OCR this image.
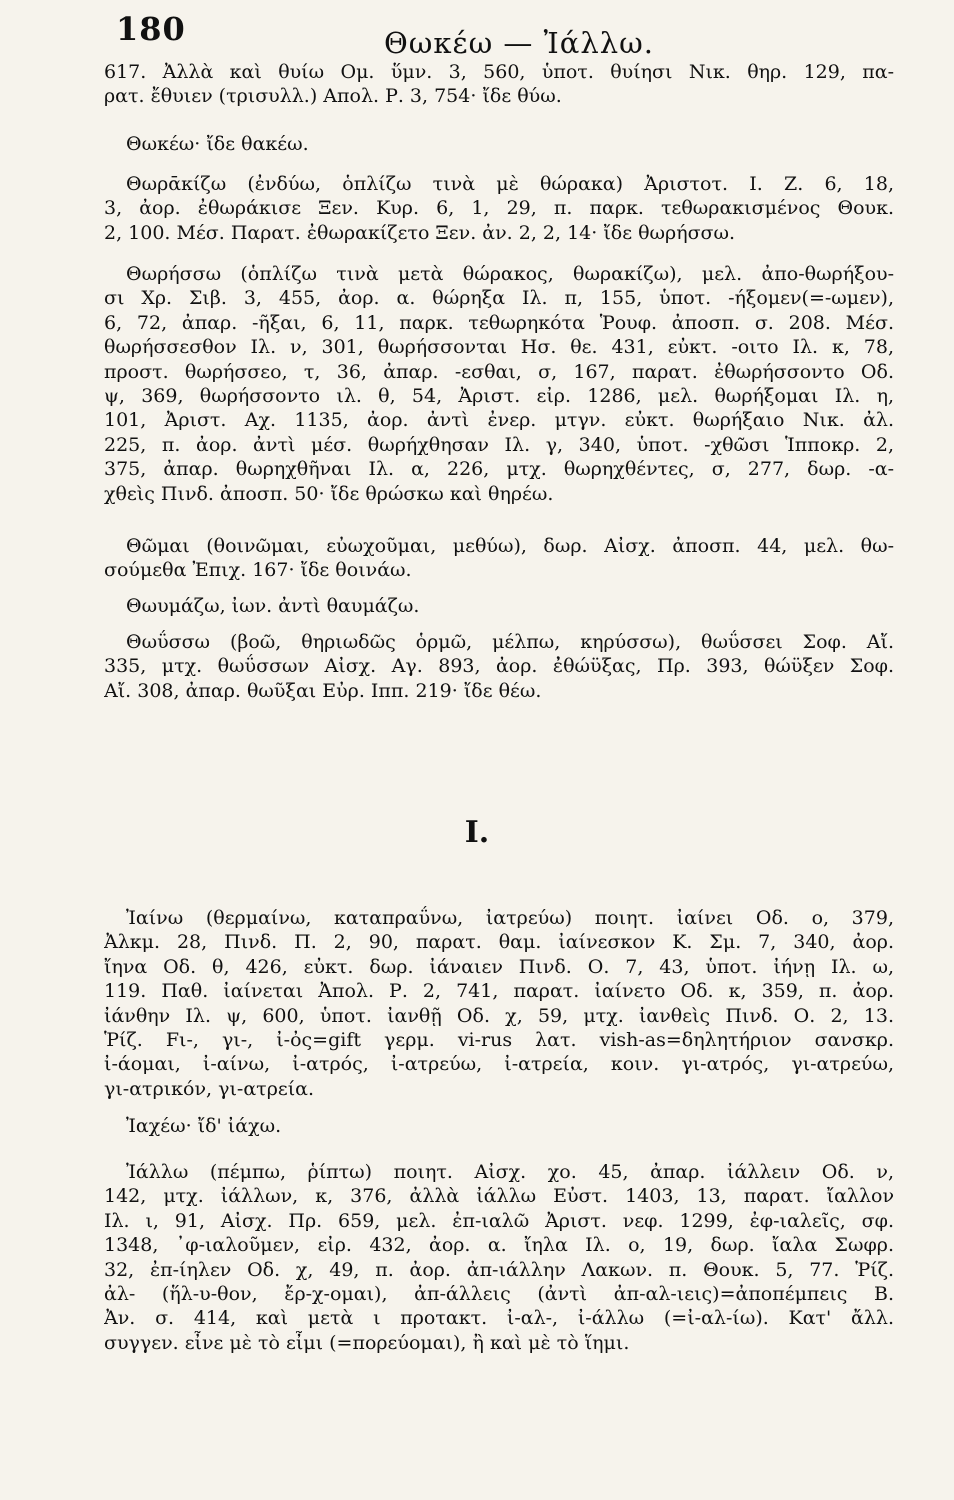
180	Θωκέω — Ἰάλλω.
617. Ἀλλὰ καὶ θυίω Ομ. ὕμν. 3, 560, ὑποτ. θυίησι Νικ. θηρ. 129, πα-
ρατ. ἔθυιεν (τρισυλλ.) Απολ. Ρ. 3, 754· ἴδε θύω.
Θωκέω· ἴδε θακέω.
Θωρᾱκίζω (ἐνδύω, ὁπλίζω τινὰ μὲ θώρακα) Ἀριστοτ. Ι. Ζ. 6, 18,
3, ἀορ. ἐθωράκισε Ξεν. Κυρ. 6, 1, 29, π. παρκ. τεθωρακισμένος Θουκ.
2, 100. Μέσ. Παρατ. ἐθωρακίζετο Ξεν. ἀν. 2, 2, 14· ἴδε θωρήσσω.
Θωρήσσω (ὁπλίζω τινὰ μετὰ θώρακος, θωρακίζω), μελ. ἀπο-θωρήξου-
σι Χρ. Σιβ. 3, 455, ἀορ. α. θώρηξα Ιλ. π, 155, ὑποτ. -ήξομεν(=-ωμεν),
6, 72, ἀπαρ. -ῆξαι, 6, 11, παρκ. τεθωρηκότα Ῥουφ. ἀποσπ. σ. 208. Μέσ.
θωρήσσεσθον Ιλ. ν, 301, θωρήσσονται Ησ. θε. 431, εὐκτ. -οιτο Ιλ. κ, 78,
προστ. θωρήσσεο, τ, 36, ἀπαρ. -εσθαι, σ, 167, παρατ. ἐθωρήσσοντο Οδ.
ψ, 369, θωρήσσοντο ιλ. θ, 54, Ἀριστ. εἰρ. 1286, μελ. θωρήξομαι Ιλ. η,
101, Ἀριστ. Αχ. 1135, ἀορ. ἀντὶ ἐνερ. μτγν. εὐκτ. θωρήξαιο Νικ. ἀλ.
225, π. ἀορ. ἀντὶ μέσ. θωρήχθησαν Ιλ. γ, 340, ὑποτ. -χθῶσι Ἱπποκρ. 2,
375, ἀπαρ. θωρηχθῆναι Ιλ. α, 226, μτχ. θωρηχθέντες, σ, 277, δωρ. -α-
χθεὶς Πινδ. ἀποσπ. 50· ἴδε θρώσκω καὶ θηρέω.
Θῶμαι (θοινῶμαι, εὐωχοῦμαι, μεθύω), δωρ. Αἰσχ. ἀποσπ. 44, μελ. θω-
σούμεθα Ἐπιχ. 167· ἴδε θοινάω.
Θωυμάζω, ἰων. ἀντὶ θαυμάζω.
Θωΰσσω (βοῶ, θηριωδῶς ὁρμῶ, μέλπω, κηρύσσω), θωΰσσει Σοφ. Αἴ.
335, μτχ. θωΰσσων Αἰσχ. Αγ. 893, ἀορ. ἐ̓θώϋξας, Πρ. 393, θώϋξεν Σοφ.
Αἴ. 308, ἀπαρ. θωῦξαι Εὐρ. Ιππ. 219· ἴδε θέω.
I.
Ἰαίνω (θερμαίνω, καταπραΰνω, ἰατρεύω) ποιητ. ἰαίνει Οδ. ο, 379,
Ἀλκμ. 28, Πινδ. Π. 2, 90, παρατ. θαμ. ἰαίνεσκον Κ. Σμ. 7, 340, ἀορ.
ἴηνα Οδ. θ, 426, εὐκτ. δωρ. ἰάναιεν Πινδ. Ο. 7, 43, ὑποτ. ἰήνῃ Ιλ. ω,
119. Παθ. ἰαίνεται Ἀπολ. Ρ. 2, 741, παρατ. ἰαίνετο Οδ. κ, 359, π. ἀορ.
ἰάνθην Ιλ. ψ, 600, ὑποτ. ἰανθῇ Οδ. χ, 59, μτχ. ἰανθεὶς Πινδ. Ο. 2, 13.
Ῥίζ. Fι-, γι-, ἰ-ὀς=gift γερμ. vi-rus λατ. vish-as=δηλητήριον σανσκρ.
ἰ-άομαι, ἰ-αίνω, ἰ-ατρός, ἰ-ατρεύω, ἰ-ατρεία, κοιν. γι-ατρός, γι-ατρεύω,
γι-ατρικόν, γι-ατρεία.
Ἰαχέω· ἴδ' ἰάχω.
Ἰάλλω (πέμπω, ῥίπτω) ποιητ. Αἰσχ. χο. 45, ἀπαρ. ἰάλλειν Οδ. ν,
142, μτχ. ἰάλλων, κ, 376, ἀλλὰ ἰάλλω Εὐστ. 1403, 13, παρατ. ἴαλλον
Ιλ. ι, 91, Αἰσχ. Πρ. 659, μελ. ἐπ-ιαλῶ Ἀριστ. νεφ. 1299, ἐφ-ιαλεῖς, σφ.
1348, ᾿φ-ιαλοῦμεν, εἰρ. 432, ἀορ. α. ἴηλα Ιλ. ο, 19, δωρ. ἴαλα Σωφρ.
32, ἐπ-ίηλεν Οδ. χ, 49, π. ἀορ. ἀπ-ιάλλην Λακων. π. Θουκ. 5, 77. Ῥίζ.
ἀλ- (ἥλ-υ-θον, ἔρ-χ-ομαι), ἀπ-άλλεις (ἀντὶ ἀπ-αλ-ιεις)=ἀποπέμπεις Β.
Ἀν. σ. 414, καὶ μετὰ ι προτακτ. ἰ-αλ-, ἰ-άλλω (=ἰ-αλ-ίω). Κατ' ἄλλ.
συγγεν. εἶνε μὲ τὸ εἶμι (=πορεύομαι), ἢ καὶ μὲ τὸ ἵημι.
